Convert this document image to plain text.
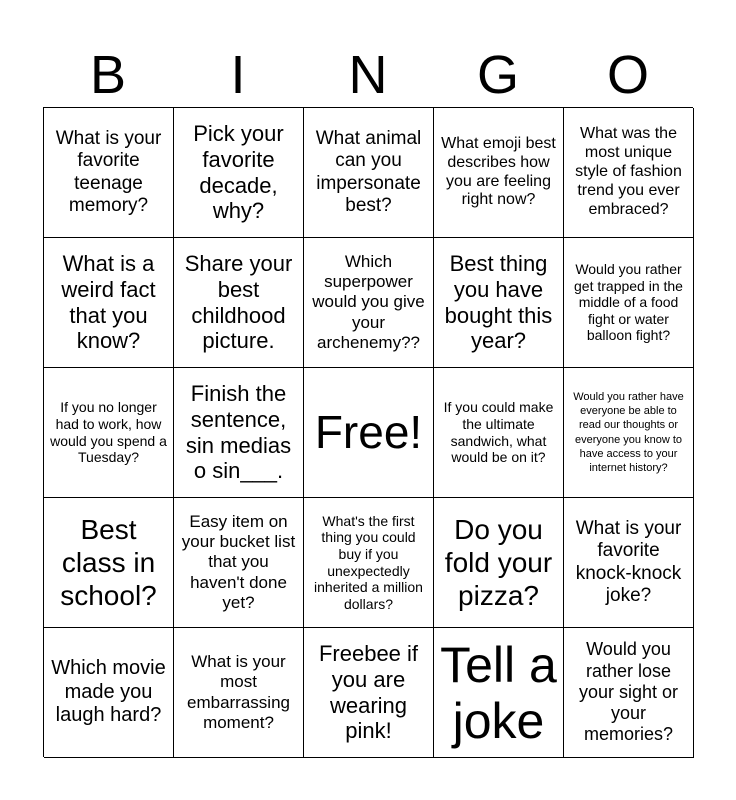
B	I	N	G	O
What is your favorite teenage memory?
Pick your favorite decade, why?
What animal can you impersonate best?
What emoji best describes how you are feeling right now?
What was the most unique style of fashion trend you ever embraced?
What is a weird fact that you know?
Share your best childhood picture.
Which superpower would you give your archenemy??
Best thing you have bought this year?
Would you rather get trapped in the middle of a food fight or water balloon fight?
If you no longer had to work, how would you spend a Tuesday?
Finish the sentence, sin medias o sin___.
Free! If you could make the ultimate sandwich, what would be on it?
Would you rather have everyone be able to read our thoughts or everyone you know to have access to your internet history?
Best class in school?
Easy item on your bucket list that you haven't done yet?
What's the first thing you could buy if you unexpectedly inherited a million dollars?
Do you fold your pizza?
What is your favorite knock-knock joke?
Which movie made you laugh hard?
What is your most embarrassing moment?
Freebee if you are wearing pink!
Tell a joke
Would you rather lose your sight or your memories?
